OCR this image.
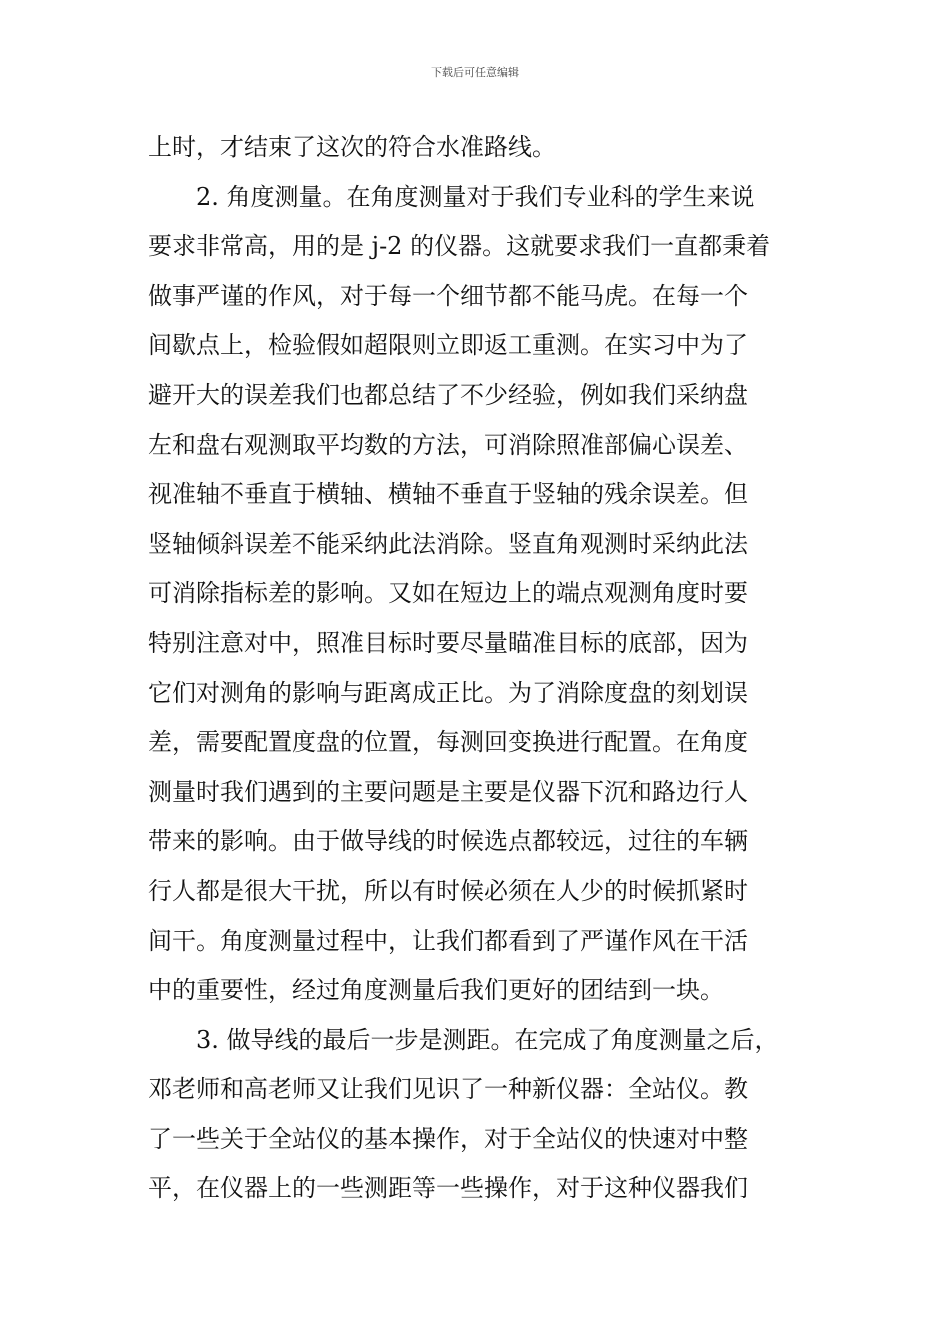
下载后可任意编辑
上时，才结束了这次的符合水准路线。
2. 角度测量。在角度测量对于我们专业科的学生来说
要求非常高，用的是 j-2 的仪器。这就要求我们一直都秉着
做事严谨的作风，对于每一个细节都不能马虎。在每一个
间歇点上，检验假如超限则立即返工重测。在实习中为了
避开大的误差我们也都总结了不少经验，例如我们采纳盘
左和盘右观测取平均数的方法，可消除照准部偏心误差、
视准轴不垂直于横轴、横轴不垂直于竖轴的残余误差。但
竖轴倾斜误差不能采纳此法消除。竖直角观测时采纳此法
可消除指标差的影响。又如在短边上的端点观测角度时要
特别注意对中，照准目标时要尽量瞄准目标的底部，因为
它们对测角的影响与距离成正比。为了消除度盘的刻划误
差，需要配置度盘的位置，每测回变换进行配置。在角度
测量时我们遇到的主要问题是主要是仪器下沉和路边行人
带来的影响。由于做导线的时候选点都较远，过往的车辆
行人都是很大干扰，所以有时候必须在人少的时候抓紧时
间干。角度测量过程中，让我们都看到了严谨作风在干活
中的重要性，经过角度测量后我们更好的团结到一块。
3. 做导线的最后一步是测距。在完成了角度测量之后，
邓老师和高老师又让我们见识了一种新仪器：全站仪。教
了一些关于全站仪的基本操作，对于全站仪的快速对中整
平，在仪器上的一些测距等一些操作，对于这种仪器我们
